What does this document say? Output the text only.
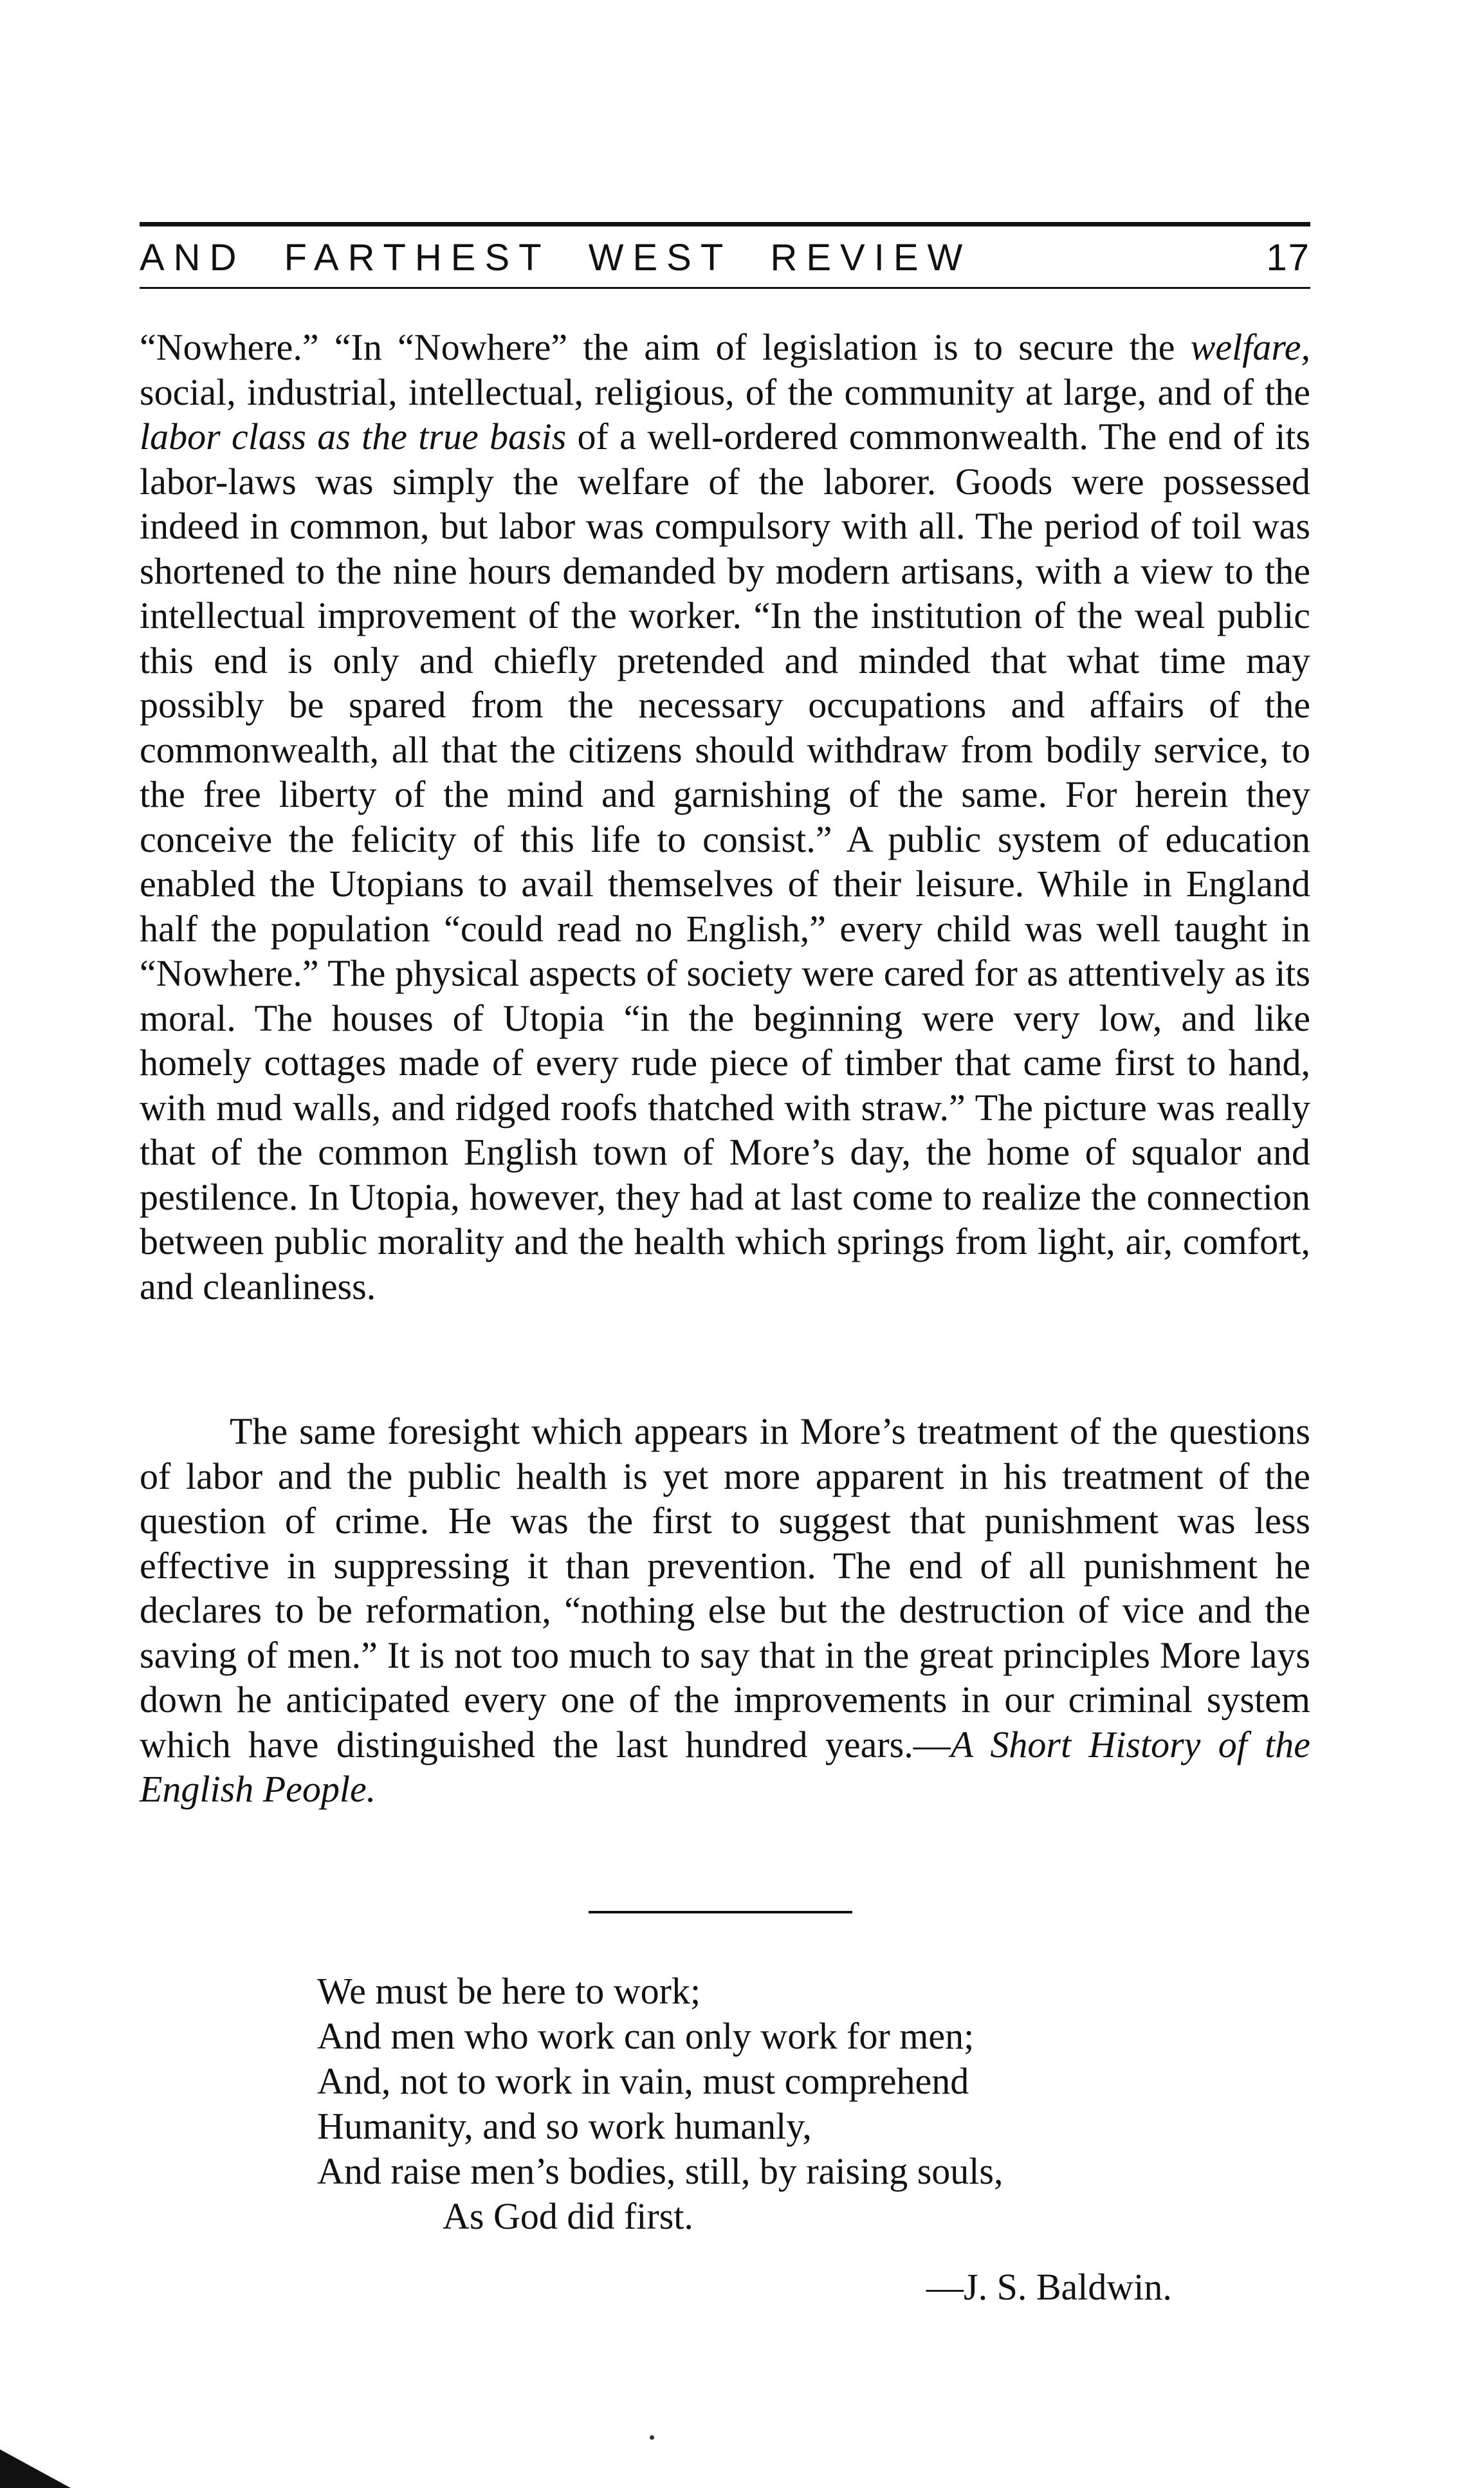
AND  FARTHEST  WEST  REVIEW	17

“Nowhere.” “In “Nowhere” the aim of legislation is to secure the welfare, social, industrial, intellectual, religious, of the community at large, and of the labor class as the true basis of a well-ordered commonwealth. The end of its labor-laws was simply the welfare of the laborer. Goods were possessed indeed in common, but labor was compulsory with all. The period of toil was shortened to the nine hours demanded by modern artisans, with a view to the intellectual improvement of the worker. “In the institution of the weal public this end is only and chiefly pretended and minded that what time may possibly be spared from the necessary occupations and affairs of the commonwealth, all that the citizens should withdraw from bodily service, to the free liberty of the mind and garnishing of the same. For herein they conceive the felicity of this life to consist.” A public system of education enabled the Utopians to avail themselves of their leisure. While in England half the population “could read no English,” every child was well taught in “Nowhere.” The physical aspects of society were cared for as attentively as its moral. The houses of Utopia “in the beginning were very low, and like homely cottages made of every rude piece of timber that came first to hand, with mud walls, and ridged roofs thatched with straw.” The picture was really that of the common English town of More’s day, the home of squalor and pestilence. In Utopia, however, they had at last come to realize the connection between public morality and the health which springs from light, air, comfort, and cleanliness.

The same foresight which appears in More’s treatment of the questions of labor and the public health is yet more apparent in his treatment of the question of crime. He was the first to suggest that punishment was less effective in suppressing it than prevention. The end of all punishment he declares to be reformation, “nothing else but the destruction of vice and the saving of men.” It is not too much to say that in the great principles More lays down he anticipated every one of the improvements in our criminal system which have distinguished the last hundred years.—A Short History of the English People.

We must be here to work;
And men who work can only work for men;
And, not to work in vain, must comprehend
Humanity, and so work humanly,
And raise men’s bodies, still, by raising souls,
As God did first.
—J. S. Baldwin.
